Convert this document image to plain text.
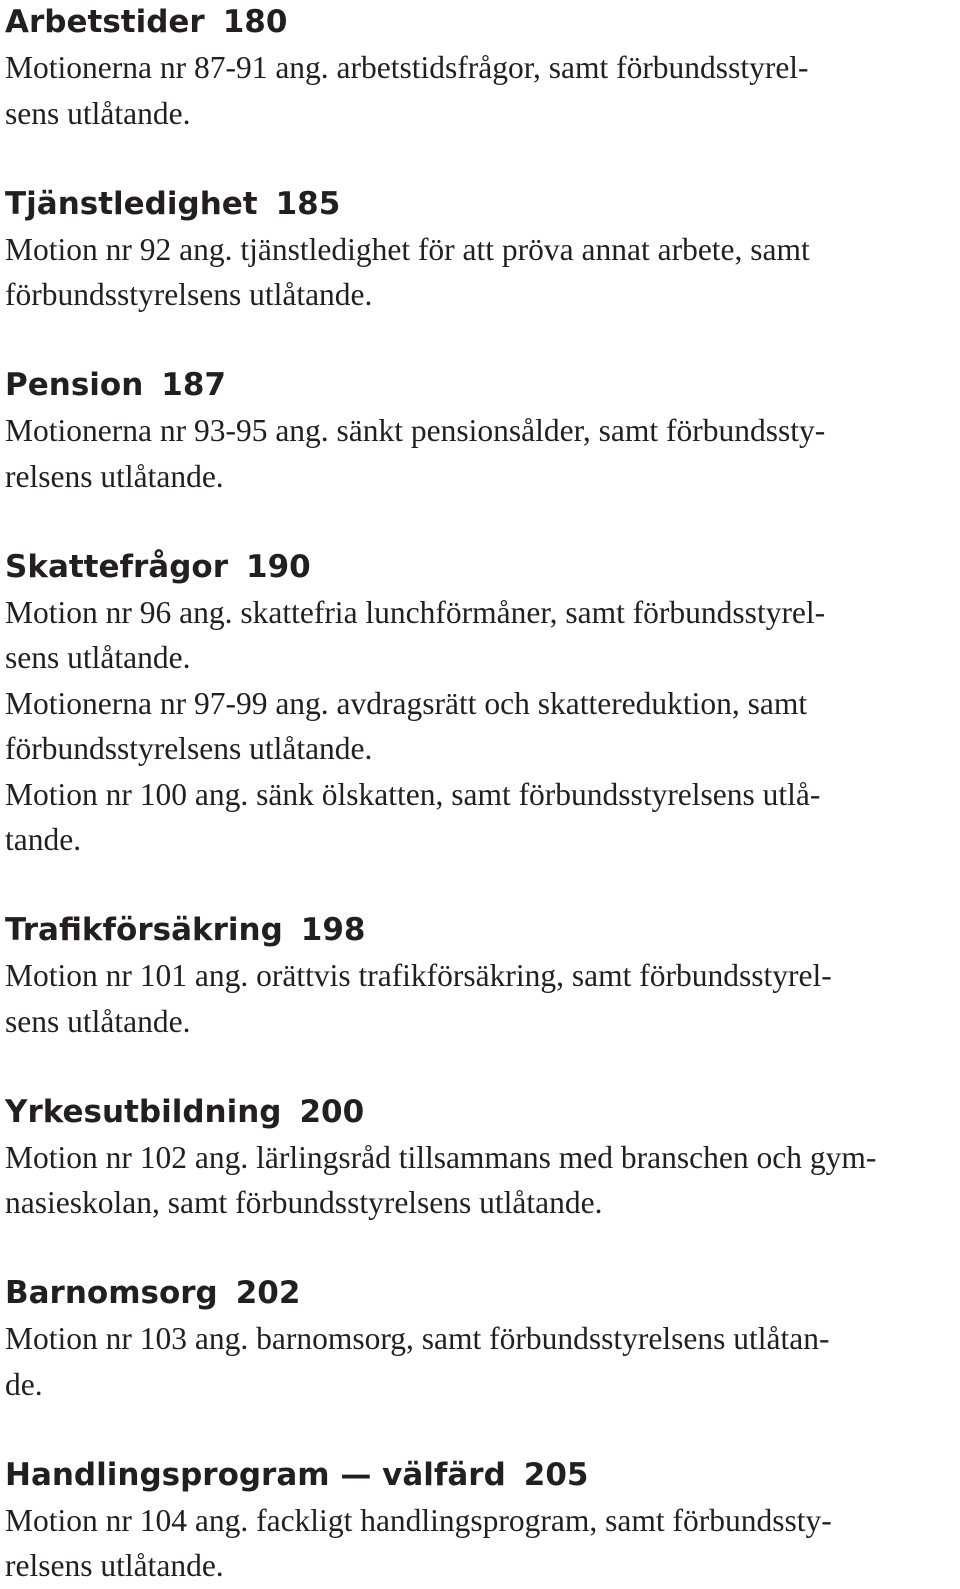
Arbetstider 180
Motionerna nr 87-91 ang. arbetstidsfrågor, samt förbundsstyrel-
sens utlåtande.
Tjänstledighet 185
Motion nr 92 ang. tjänstledighet för att pröva annat arbete, samt
förbundsstyrelsens utlåtande.
Pension 187
Motionerna nr 93-95 ang. sänkt pensionsålder, samt förbundssty-
relsens utlåtande.
Skattefrågor 190
Motion nr 96 ang. skattefria lunchförmåner, samt förbundsstyrel-
sens utlåtande.
Motionerna nr 97-99 ang. avdragsrätt och skattereduktion, samt
förbundsstyrelsens utlåtande.
Motion nr 100 ang. sänk ölskatten, samt förbundsstyrelsens utlå-
tande.
Trafikförsäkring 198
Motion nr 101 ang. orättvis trafikförsäkring, samt förbundsstyrel-
sens utlåtande.
Yrkesutbildning 200
Motion nr 102 ang. lärlingsråd tillsammans med branschen och gym-
nasieskolan, samt förbundsstyrelsens utlåtande.
Barnomsorg 202
Motion nr 103 ang. barnomsorg, samt förbundsstyrelsens utlåtan-
de.
Handlingsprogram — välfärd 205
Motion nr 104 ang. fackligt handlingsprogram, samt förbundssty-
relsens utlåtande.
